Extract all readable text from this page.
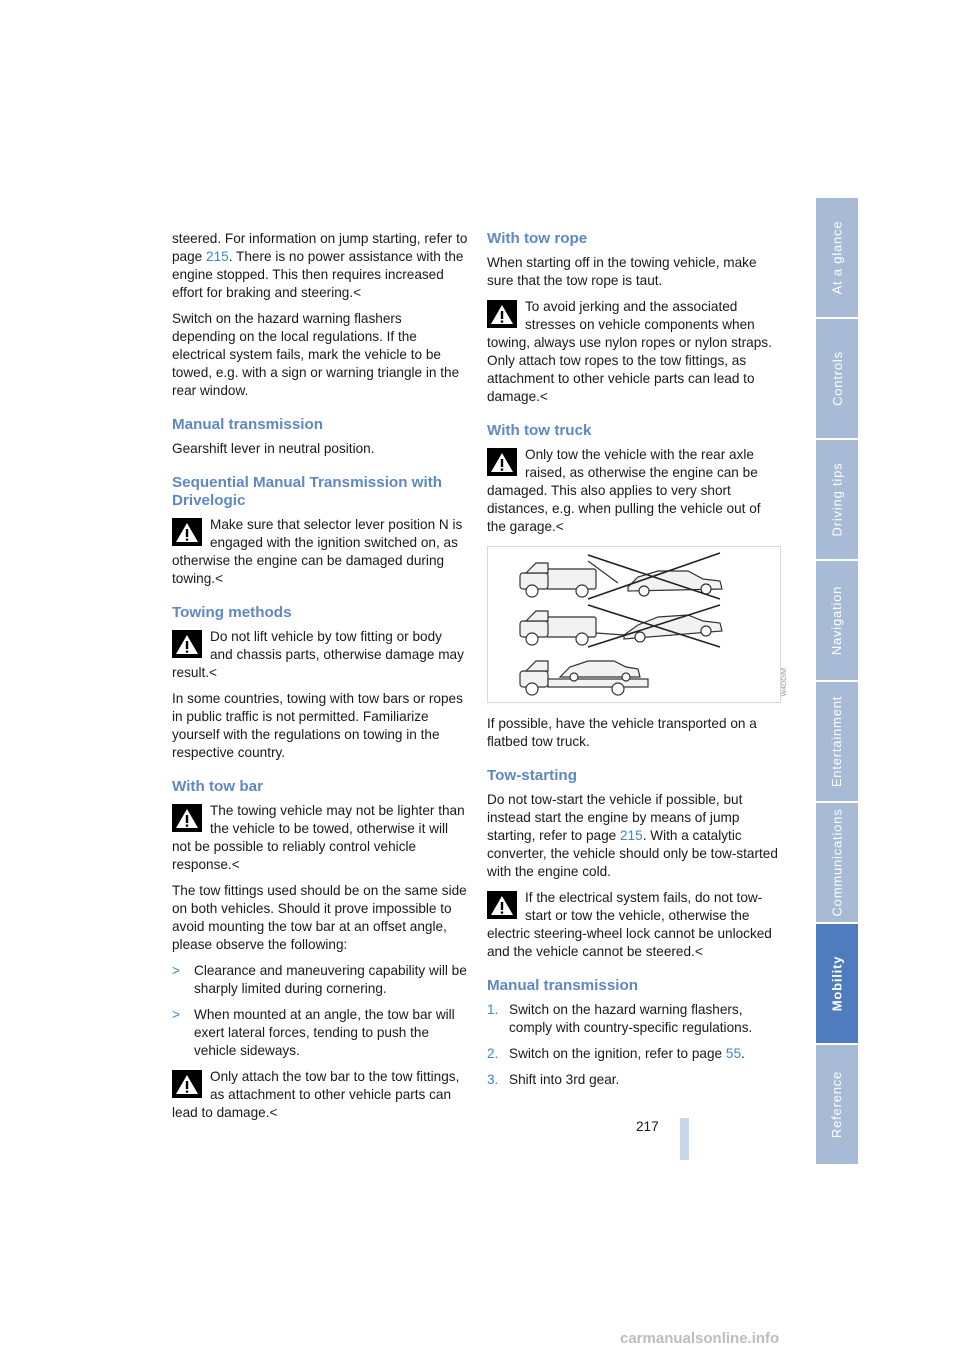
steered. For information on jump starting, refer to page 215. There is no power assistance with the engine stopped. This then requires increased effort for braking and steering.<

Switch on the hazard warning flashers depending on the local regulations. If the electrical system fails, mark the vehicle to be towed, e.g. with a sign or warning triangle in the rear window.

Manual transmission

Gearshift lever in neutral position.

Sequential Manual Transmission with Drivelogic
Make sure that selector lever position N is engaged with the ignition switched on, as otherwise the engine can be damaged during towing.<
Towing methods
Do not lift vehicle by tow fitting or body and chassis parts, otherwise damage may result.<

In some countries, towing with tow bars or ropes in public traffic is not permitted. Familiarize yourself with the regulations on towing in the respective country.

With tow bar
The towing vehicle may not be lighter than the vehicle to be towed, otherwise it will not be possible to reliably control vehicle response.<

The tow fittings used should be on the same side on both vehicles. Should it prove impossible to avoid mounting the tow bar at an offset angle, please observe the following:

> Clearance and maneuvering capability will be sharply limited during cornering.
> When mounted at an angle, the tow bar will exert lateral forces, tending to push the vehicle sideways.
Only attach the tow bar to the tow fittings, as attachment to other vehicle parts can lead to damage.<
With tow rope

When starting off in the towing vehicle, make sure that the tow rope is taut.

To avoid jerking and the associated stresses on vehicle components when towing, always use nylon ropes or nylon straps. Only attach tow ropes to the tow fittings, as attachment to other vehicle parts can lead to damage.<
With tow truck
Only tow the vehicle with the rear axle raised, as otherwise the engine can be damaged. This also applies to very short distances, e.g. when pulling the vehicle out of the garage.<
W4DDIM

If possible, have the vehicle transported on a flatbed tow truck.

Tow-starting

Do not tow-start the vehicle if possible, but instead start the engine by means of jump starting, refer to page 215. With a catalytic converter, the vehicle should only be tow-started with the engine cold.

If the electrical system fails, do not tow-start or tow the vehicle, otherwise the electric steering-wheel lock cannot be unlocked and the vehicle cannot be steered.<
Manual transmission
1. Switch on the hazard warning flashers, comply with country-specific regulations.
2. Switch on the ignition, refer to page 55.
3. Shift into 3rd gear.
At a glance
Controls
Driving tips
Navigation
Entertainment
Communications
Mobility
Reference
217
carmanualsonline.info
